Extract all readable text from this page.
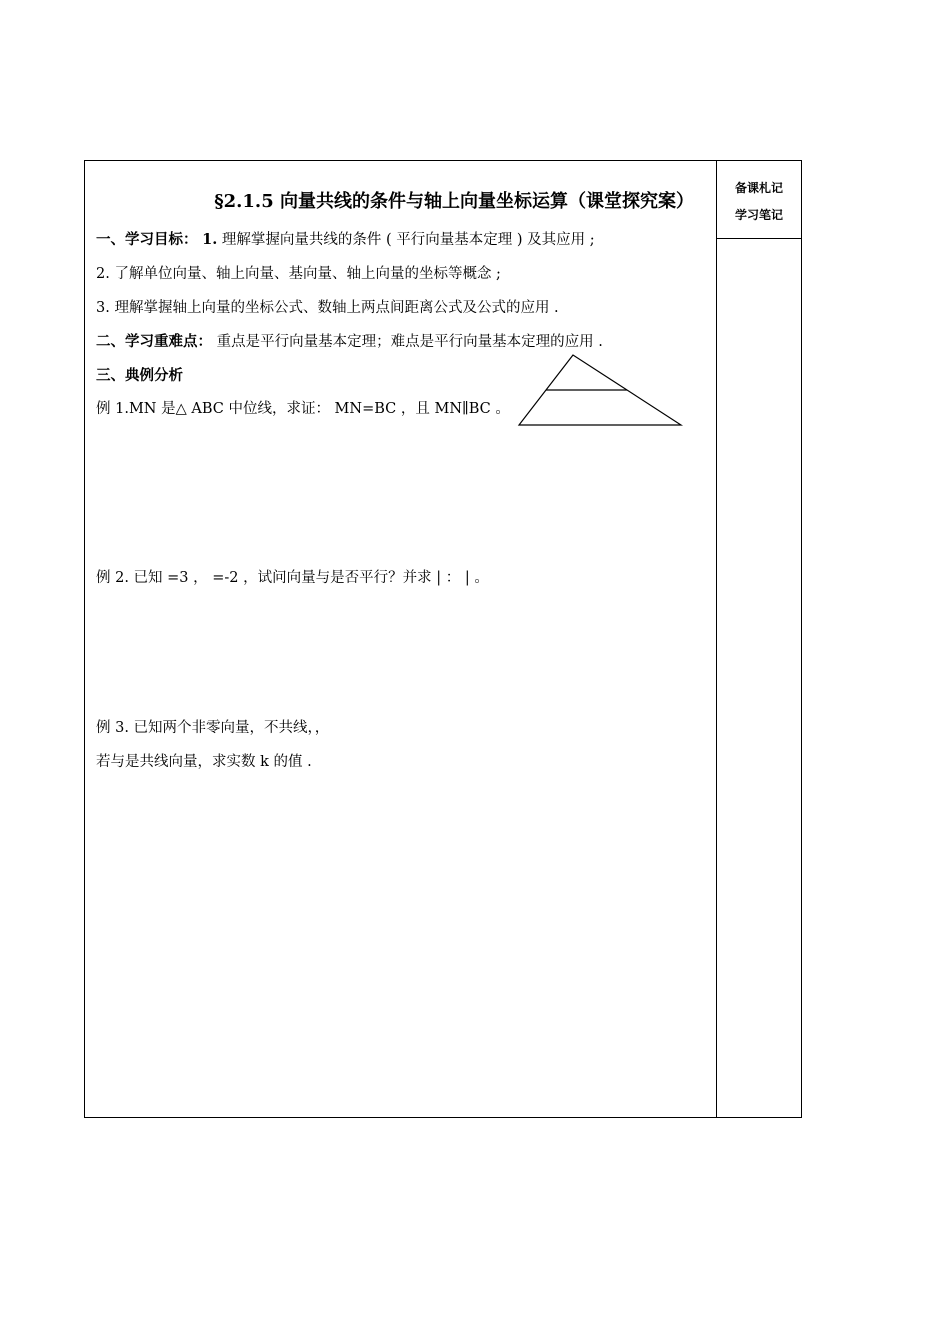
备课札记
学习笔记
§2.1.5 向量共线的条件与轴上向量坐标运算（课堂探究案）
一、学习目标： 1. 理解掌握向量共线的条件 ( 平行向量基本定理 ) 及其应用 ;
2. 了解单位向量、轴上向量、基向量、轴上向量的坐标等概念 ;
3. 理解掌握轴上向量的坐标公式、数轴上两点间距离公式及公式的应用 .
二、学习重难点： 重点是平行向量基本定理；难点是平行向量基本定理的应用 .
三、典例分析
例 1.MN 是△ ABC 中位线，求证： MN=BC ，且 MN∥BC 。
例 2. 已知 =3 ， =-2 ，试问向量与是否平行？并求 | ： | 。
例 3. 已知两个非零向量，不共线，，
若与是共线向量，求实数 k 的值 .
